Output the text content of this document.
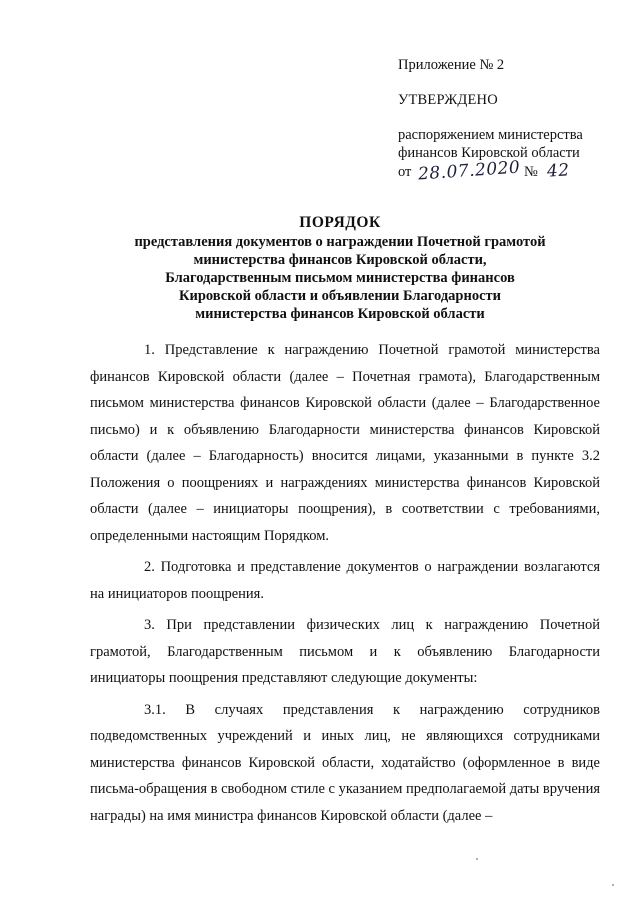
Приложение № 2
УТВЕРЖДЕНО
распоряжением министерства
финансов Кировской области
от 28.07.2020 № 42
ПОРЯДОК
представления документов о награждении Почетной грамотой
министерства финансов Кировской области,
Благодарственным письмом министерства финансов
Кировской области и объявлении Благодарности
министерства финансов Кировской области

1. Представление к награждению Почетной грамотой министерства финансов Кировской области (далее – Почетная грамота), Благодарственным письмом министерства финансов Кировской области (далее – Благодарственное письмо) и к объявлению Благодарности министерства финансов Кировской области (далее – Благодарность) вносится лицами, указанными в пункте 3.2 Положения о поощрениях и награждениях министерства финансов Кировской области (далее – инициаторы поощрения), в соответствии с требованиями, определенными настоящим Порядком.

2. Подготовка и представление документов о награждении возлагаются на инициаторов поощрения.

3. При представлении физических лиц к награждению Почетной грамотой, Благодарственным письмом и к объявлению Благодарности инициаторы поощрения представляют следующие документы:

3.1. В случаях представления к награждению сотрудников подведомственных учреждений и иных лиц, не являющихся сотрудниками министерства финансов Кировской области, ходатайство (оформленное в виде письма-обращения в свободном стиле с указанием предполагаемой даты вручения награды) на имя министра финансов Кировской области (далее –
